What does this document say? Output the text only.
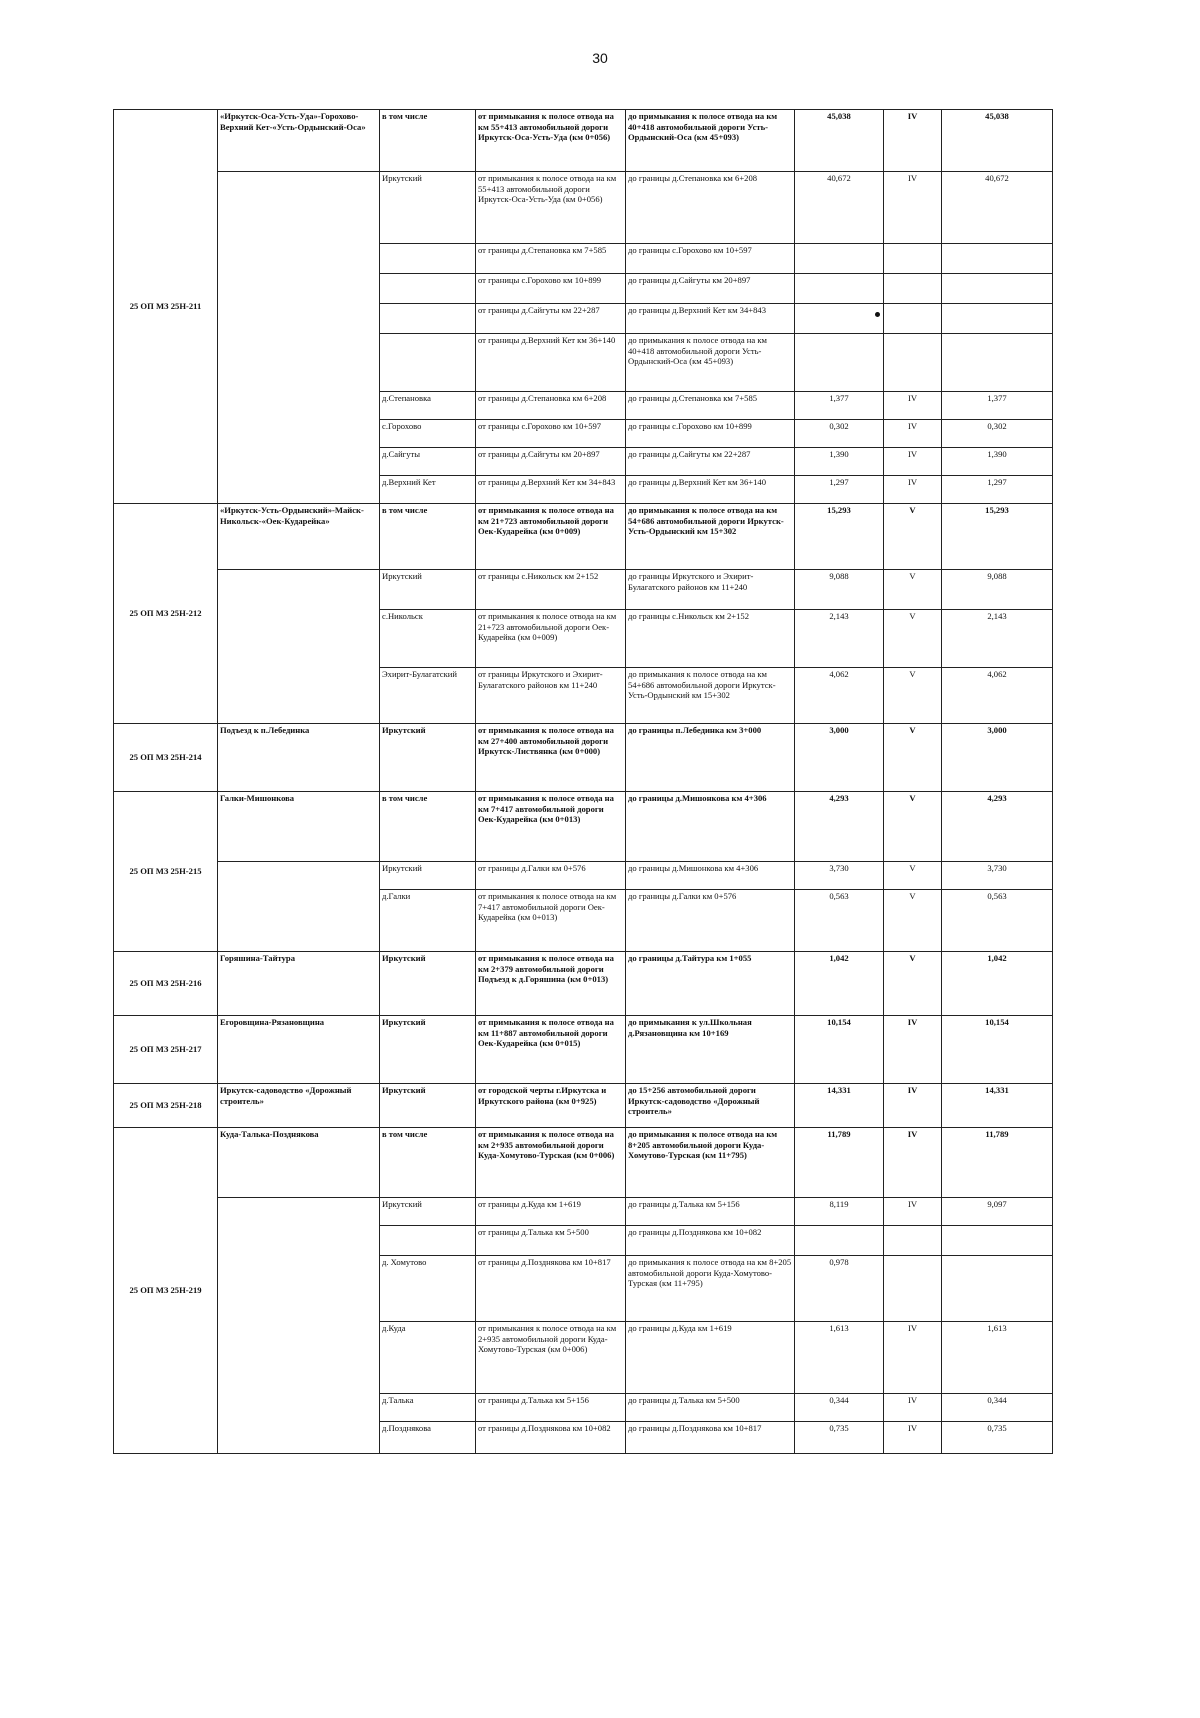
30
25 ОП МЗ 25Н-211	«Иркутск-Оса-Усть-Уда»-Горохово-Верхний Кет-«Усть-Ордынский-Оса»	в том числе	от примыкания к полосе отвода на км 55+413 автомобильной дороги Иркутск-Оса-Усть-Уда (км 0+056)	до примыкания к полосе отвода на км 40+418 автомобильной дороги Усть-Ордынский-Оса (км 45+093)	45,038	IV	45,038
		Иркутский	от примыкания к полосе отвода на км 55+413 автомобильной дороги Иркутск-Оса-Усть-Уда (км 0+056)	до границы д.Степановка км 6+208	40,672	IV	40,672
			от границы д.Степановка км 7+585	до границы с.Горохово км 10+597			
			от границы с.Горохово км 10+899	до границы д.Сайгуты км 20+897			
			от границы д.Сайгуты км 22+287	до границы д.Верхний Кет км 34+843			
			от границы д.Верхний Кет км 36+140	до примыкания к полосе отвода на км 40+418 автомобильной дороги Усть-Ордынский-Оса (км 45+093)			
		д.Степановка	от границы д.Степановка км 6+208	до границы д.Степановка км 7+585	1,377	IV	1,377
		с.Горохово	от границы с.Горохово км 10+597	до границы с.Горохово км 10+899	0,302	IV	0,302
		д.Сайгуты	от границы д.Сайгуты км 20+897	до границы д.Сайгуты км 22+287	1,390	IV	1,390
		д.Верхний Кет	от границы д.Верхний Кет км 34+843	до границы д.Верхний Кет км 36+140	1,297	IV	1,297
25 ОП МЗ 25Н-212	«Иркутск-Усть-Ордынский»-Майск-Никольск-«Оек-Кударейка»	в том числе	от примыкания к полосе отвода на км 21+723 автомобильной дороги Оек-Кударейка (км 0+009)	до примыкания к полосе отвода на км 54+686 автомобильной дороги Иркутск-Усть-Ордынский км 15+302	15,293	V	15,293
		Иркутский	от границы с.Никольск км 2+152	до границы Иркутского и Эхирит-Булагатского районов км 11+240	9,088	V	9,088
		с.Никольск	от примыкания к полосе отвода на км 21+723 автомобильной дороги Оек-Кударейка (км 0+009)	до границы с.Никольск км 2+152	2,143	V	2,143
		Эхирит-Булагатский	от границы Иркутского и Эхирит-Булагатского районов км 11+240	до примыкания к полосе отвода на км 54+686 автомобильной дороги Иркутск-Усть-Ордынский км 15+302	4,062	V	4,062
25 ОП МЗ 25Н-214	Подъезд к п.Лебединка	Иркутский	от примыкания к полосе отвода на км 27+400 автомобильной дороги Иркутск-Листвянка (км 0+000)	до границы п.Лебединка км 3+000	3,000	V	3,000
25 ОП МЗ 25Н-215	Галки-Мишонкова	в том числе	от примыкания к полосе отвода на км 7+417 автомобильной дороги Оек-Кударейка (км 0+013)	до границы д.Мишонкова км 4+306	4,293	V	4,293
		Иркутский	от границы д.Галки км 0+576	до границы д.Мишонкова км 4+306	3,730	V	3,730
		д.Галки	от примыкания к полосе отвода на км 7+417 автомобильной дороги Оек-Кударейка (км 0+013)	до границы д.Галки км 0+576	0,563	V	0,563
25 ОП МЗ 25Н-216	Горяшина-Тайтура	Иркутский	от примыкания к полосе отвода на км 2+379 автомобильной дороги Подъезд к д.Горяшина (км 0+013)	до границы д.Тайтура км 1+055	1,042	V	1,042
25 ОП МЗ 25Н-217	Егоровщина-Рязановщина	Иркутский	от примыкания к полосе отвода на км 11+887 автомобильной дороги Оек-Кударейка (км 0+015)	до примыкания к ул.Школьная д.Рязановщина км 10+169	10,154	IV	10,154
25 ОП МЗ 25Н-218	Иркутск-садоводство «Дорожный строитель»	Иркутский	от городской черты г.Иркутска и Иркутского района (км 0+925)	до 15+256 автомобильной дороги Иркутск-садоводство «Дорожный строитель»	14,331	IV	14,331
25 ОП МЗ 25Н-219	Куда-Талька-Позднякова	в том числе	от примыкания к полосе отвода на км 2+935 автомобильной дороги Куда-Хомутово-Турская (км 0+006)	до примыкания к полосе отвода на км 8+205 автомобильной дороги Куда-Хомутово-Турская (км 11+795)	11,789	IV	11,789
		Иркутский	от границы д.Куда км 1+619	до границы д.Талька км 5+156	8,119	IV	9,097
			от границы д.Талька км 5+500	до границы д.Позднякова км 10+082			
		д. Хомутово	от границы д.Позднякова км 10+817	до примыкания к полосе отвода на км 8+205 автомобильной дороги Куда-Хомутово-Турская (км 11+795)	0,978		
		д.Куда	от примыкания к полосе отвода на км 2+935 автомобильной дороги Куда-Хомутово-Турская (км 0+006)	до границы д.Куда км 1+619	1,613	IV	1,613
		д.Талька	от границы д.Талька км 5+156	до границы д.Талька км 5+500	0,344	IV	0,344
		д.Позднякова	от границы д.Позднякова км 10+082	до границы д.Позднякова км 10+817	0,735	IV	0,735
